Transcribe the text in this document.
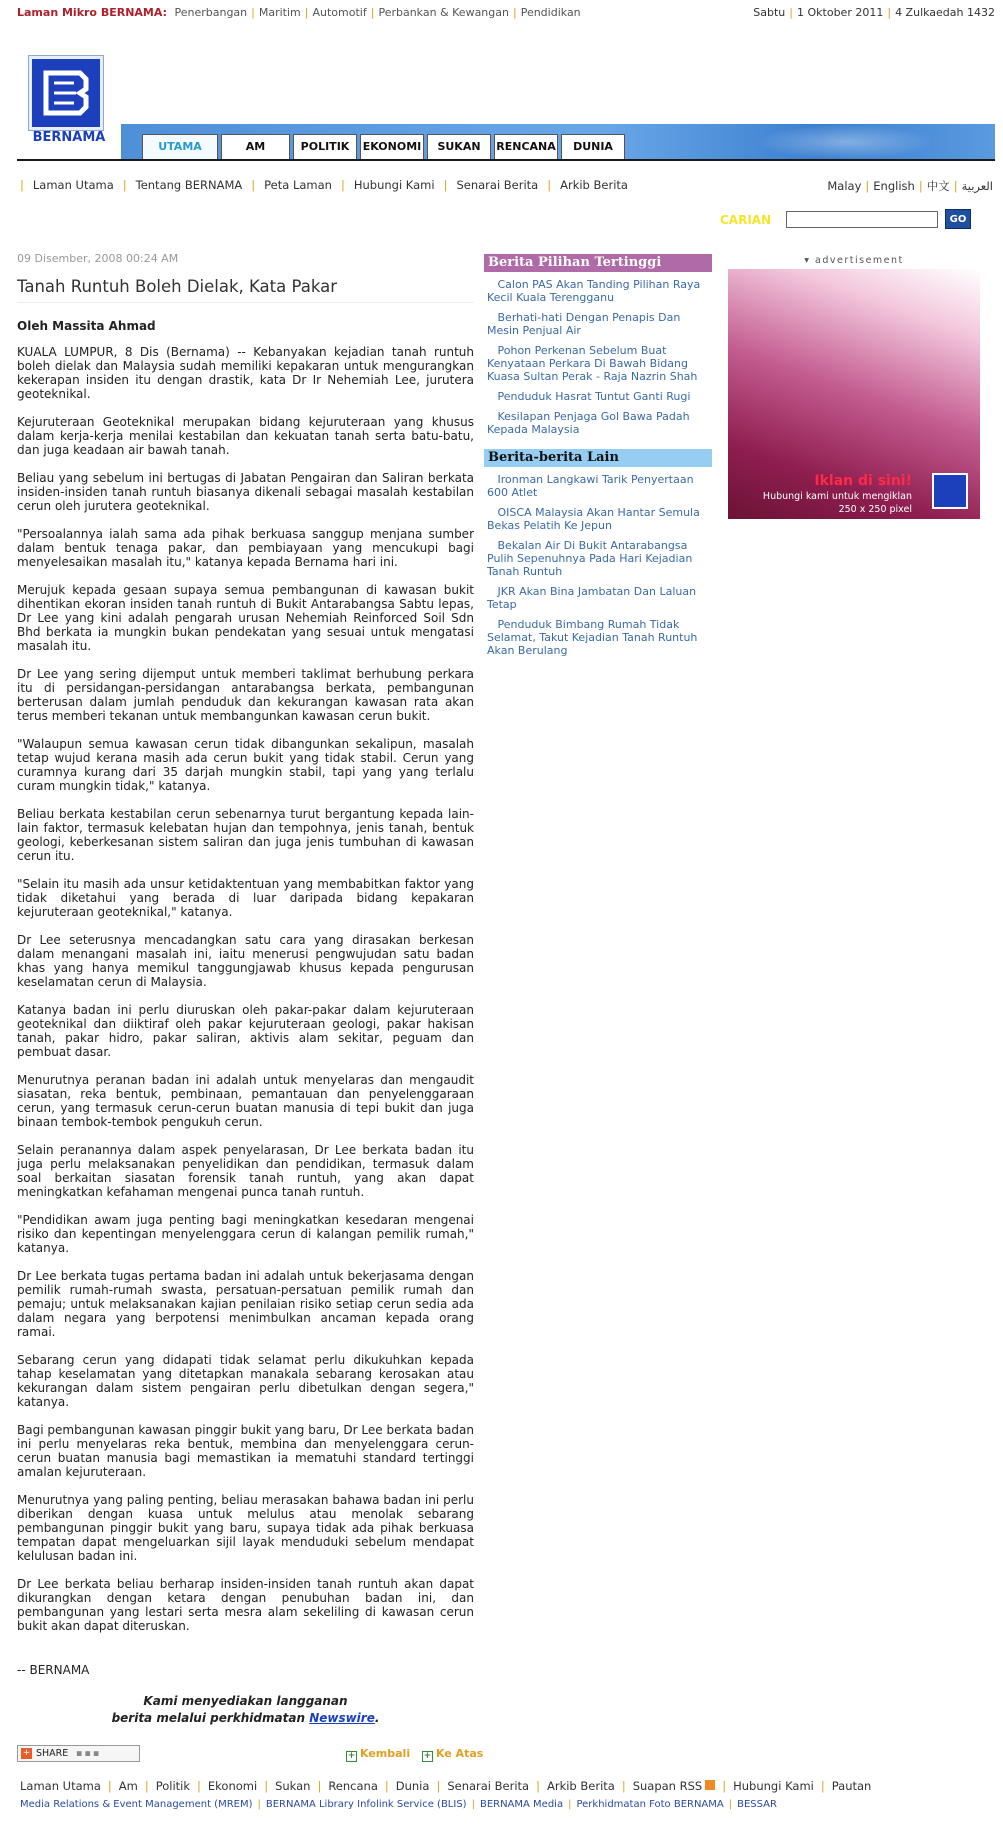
Laman Mikro BERNAMA: Penerbangan | Maritim | Automotif | Perbankan & Kewangan | Pendidikan	Sabtu | 1 Oktober 2011 | 4 Zulkaedah 1432
BERNAMA
UTAMA	AM	POLITIK	EKONOMI	SUKAN	RENCANA	DUNIA
| Laman Utama | Tentang BERNAMA | Peta Laman | Hubungi Kami | Senarai Berita | Arkib Berita	Malay | English | 中文 | العربية
CARIAN	GO
09 Disember, 2008 00:24 AM
Tanah Runtuh Boleh Dielak, Kata Pakar
Oleh Massita Ahmad

KUALA LUMPUR, 8 Dis (Bernama) -- Kebanyakan kejadian tanah runtuh boleh dielak dan Malaysia sudah memiliki kepakaran untuk mengurangkan kekerapan insiden itu dengan drastik, kata Dr Ir Nehemiah Lee, jurutera geoteknikal.

Kejuruteraan Geoteknikal merupakan bidang kejuruteraan yang khusus dalam kerja-kerja menilai kestabilan dan kekuatan tanah serta batu-batu, dan juga keadaan air bawah tanah.

Beliau yang sebelum ini bertugas di Jabatan Pengairan dan Saliran berkata insiden-insiden tanah runtuh biasanya dikenali sebagai masalah kestabilan cerun oleh jurutera geoteknikal.

"Persoalannya ialah sama ada pihak berkuasa sanggup menjana sumber dalam bentuk tenaga pakar, dan pembiayaan yang mencukupi bagi menyelesaikan masalah itu," katanya kepada Bernama hari ini.

Merujuk kepada gesaan supaya semua pembangunan di kawasan bukit dihentikan ekoran insiden tanah runtuh di Bukit Antarabangsa Sabtu lepas, Dr Lee yang kini adalah pengarah urusan Nehemiah Reinforced Soil Sdn Bhd berkata ia mungkin bukan pendekatan yang sesuai untuk mengatasi masalah itu.

Dr Lee yang sering dijemput untuk memberi taklimat berhubung perkara itu di persidangan-persidangan antarabangsa berkata, pembangunan berterusan dalam jumlah penduduk dan kekurangan kawasan rata akan terus memberi tekanan untuk membangunkan kawasan cerun bukit.

"Walaupun semua kawasan cerun tidak dibangunkan sekalipun, masalah tetap wujud kerana masih ada cerun bukit yang tidak stabil. Cerun yang curamnya kurang dari 35 darjah mungkin stabil, tapi yang yang terlalu curam mungkin tidak," katanya.

Beliau berkata kestabilan cerun sebenarnya turut bergantung kepada lain-lain faktor, termasuk kelebatan hujan dan tempohnya, jenis tanah, bentuk geologi, keberkesanan sistem saliran dan juga jenis tumbuhan di kawasan cerun itu.

"Selain itu masih ada unsur ketidaktentuan yang membabitkan faktor yang tidak diketahui yang berada di luar daripada bidang kepakaran kejuruteraan geoteknikal," katanya.

Dr Lee seterusnya mencadangkan satu cara yang dirasakan berkesan dalam menangani masalah ini, iaitu menerusi pengwujudan satu badan khas yang hanya memikul tanggungjawab khusus kepada pengurusan keselamatan cerun di Malaysia.

Katanya badan ini perlu diuruskan oleh pakar-pakar dalam kejuruteraan geoteknikal dan diiktiraf oleh pakar kejuruteraan geologi, pakar hakisan tanah, pakar hidro, pakar saliran, aktivis alam sekitar, peguam dan pembuat dasar.

Menurutnya peranan badan ini adalah untuk menyelaras dan mengaudit siasatan, reka bentuk, pembinaan, pemantauan dan penyelenggaraan cerun, yang termasuk cerun-cerun buatan manusia di tepi bukit dan juga binaan tembok-tembok pengukuh cerun.

Selain peranannya dalam aspek penyelarasan, Dr Lee berkata badan itu juga perlu melaksanakan penyelidikan dan pendidikan, termasuk dalam soal berkaitan siasatan forensik tanah runtuh, yang akan dapat meningkatkan kefahaman mengenai punca tanah runtuh.

"Pendidikan awam juga penting bagi meningkatkan kesedaran mengenai risiko dan kepentingan menyelenggara cerun di kalangan pemilik rumah," katanya.

Dr Lee berkata tugas pertama badan ini adalah untuk bekerjasama dengan pemilik rumah-rumah swasta, persatuan-persatuan pemilik rumah dan pemaju; untuk melaksanakan kajian penilaian risiko setiap cerun sedia ada dalam negara yang berpotensi menimbulkan ancaman kepada orang ramai.

Sebarang cerun yang didapati tidak selamat perlu dikukuhkan kepada tahap keselamatan yang ditetapkan manakala sebarang kerosakan atau kekurangan dalam sistem pengairan perlu dibetulkan dengan segera," katanya.

Bagi pembangunan kawasan pinggir bukit yang baru, Dr Lee berkata badan ini perlu menyelaras reka bentuk, membina dan menyelenggara cerun-cerun buatan manusia bagi memastikan ia mematuhi standard tertinggi amalan kejuruteraan.

Menurutnya yang paling penting, beliau merasakan bahawa badan ini perlu diberikan dengan kuasa untuk melulus atau menolak sebarang pembangunan pinggir bukit yang baru, supaya tidak ada pihak berkuasa tempatan dapat mengeluarkan sijil layak menduduki sebelum mendapat kelulusan badan ini.

Dr Lee berkata beliau berharap insiden-insiden tanah runtuh akan dapat dikurangkan dengan ketara dengan penubuhan badan ini, dan pembangunan yang lestari serta mesra alam sekeliling di kawasan cerun bukit akan dapat diteruskan.

-- BERNAMA
Kami menyediakan langganan
berita melalui perkhidmatan Newswire.
Berita Pilihan Tertinggi
Calon PAS Akan Tanding Pilihan Raya Kecil Kuala Terengganu
Berhati-hati Dengan Penapis Dan Mesin Penjual Air
Pohon Perkenan Sebelum Buat Kenyataan Perkara Di Bawah Bidang Kuasa Sultan Perak - Raja Nazrin Shah
Penduduk Hasrat Tuntut Ganti Rugi
Kesilapan Penjaga Gol Bawa Padah Kepada Malaysia
Berita-berita Lain
Ironman Langkawi Tarik Penyertaan 600 Atlet
OISCA Malaysia Akan Hantar Semula Bekas Pelatih Ke Jepun
Bekalan Air Di Bukit Antarabangsa Pulih Sepenuhnya Pada Hari Kejadian Tanah Runtuh
JKR Akan Bina Jambatan Dan Laluan Tetap
Penduduk Bimbang Rumah Tidak Selamat, Takut Kejadian Tanah Runtuh Akan Berulang
▾ advertisement
Iklan di sini!
Hubungi kami untuk mengiklan
250 x 250 pixel
+ SHARE ▪▪▪	+ Kembali + Ke Atas
Laman Utama | Am | Politik | Ekonomi | Sukan | Rencana | Dunia | Senarai Berita | Arkib Berita | Suapan RSS | Hubungi Kami | Pautan
Media Relations & Event Management (MREM) | BERNAMA Library Infolink Service (BLIS) | BERNAMA Media | Perkhidmatan Foto BERNAMA | BESSAR
